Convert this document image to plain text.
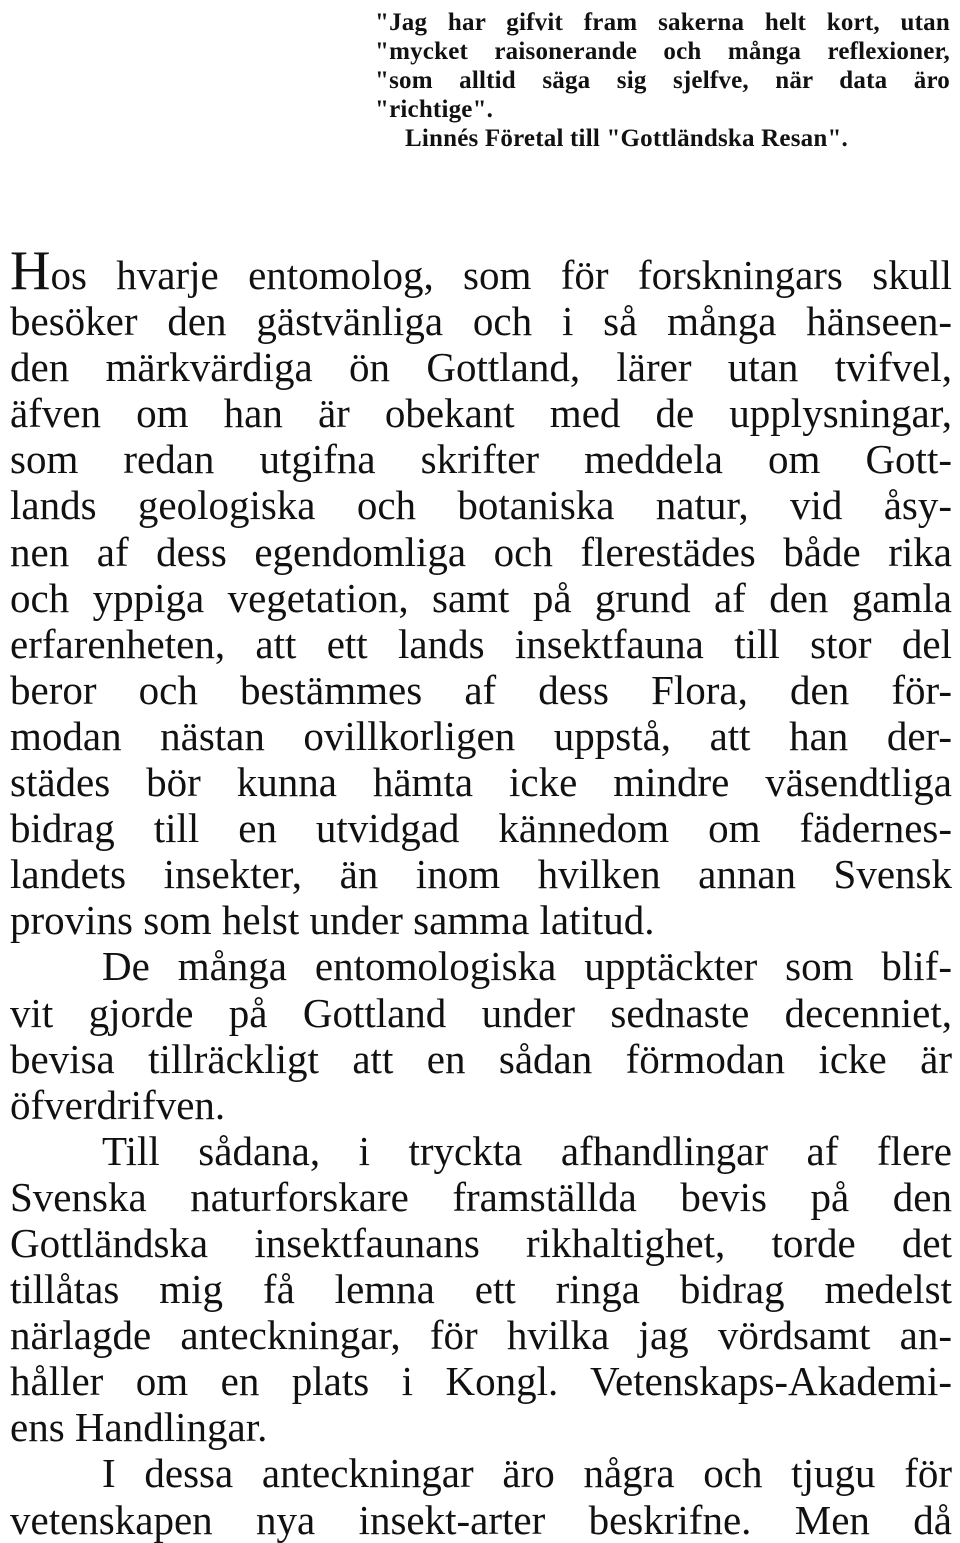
"Jag har gifvit fram sakerna helt kort, utan
"mycket raisonerande och många reflexioner,
"som alltid säga sig sjelfve, när data äro
"richtige".
Linnés Företal till "Gottländska Resan".
Hos hvarje entomolog, som för forskningars skull
besöker den gästvänliga och i så många hänseen-
den märkvärdiga ön Gottland, lärer utan tvifvel,
äfven om han är obekant med de upplysningar,
som redan utgifna skrifter meddela om Gott-
lands geologiska och botaniska natur, vid åsy-
nen af dess egendomliga och flerestädes både rika
och yppiga vegetation, samt på grund af den gamla
erfarenheten, att ett lands insektfauna till stor del
beror och bestämmes af dess Flora, den för-
modan nästan ovillkorligen uppstå, att han der-
städes bör kunna hämta icke mindre väsendtliga
bidrag till en utvidgad kännedom om fädernes-
landets insekter, än inom hvilken annan Svensk
provins som helst under samma latitud.
De många entomologiska upptäckter som blif-
vit gjorde på Gottland under sednaste decenniet,
bevisa tillräckligt att en sådan förmodan icke är
öfverdrifven.
Till sådana, i tryckta afhandlingar af flere
Svenska naturforskare framställda bevis på den
Gottländska insektfaunans rikhaltighet, torde det
tillåtas mig få lemna ett ringa bidrag medelst
närlagde anteckningar, för hvilka jag vördsamt an-
håller om en plats i Kongl. Vetenskaps-Akademi-
ens Handlingar.
I dessa anteckningar äro några och tjugu för
vetenskapen nya insekt-arter beskrifne. Men då
